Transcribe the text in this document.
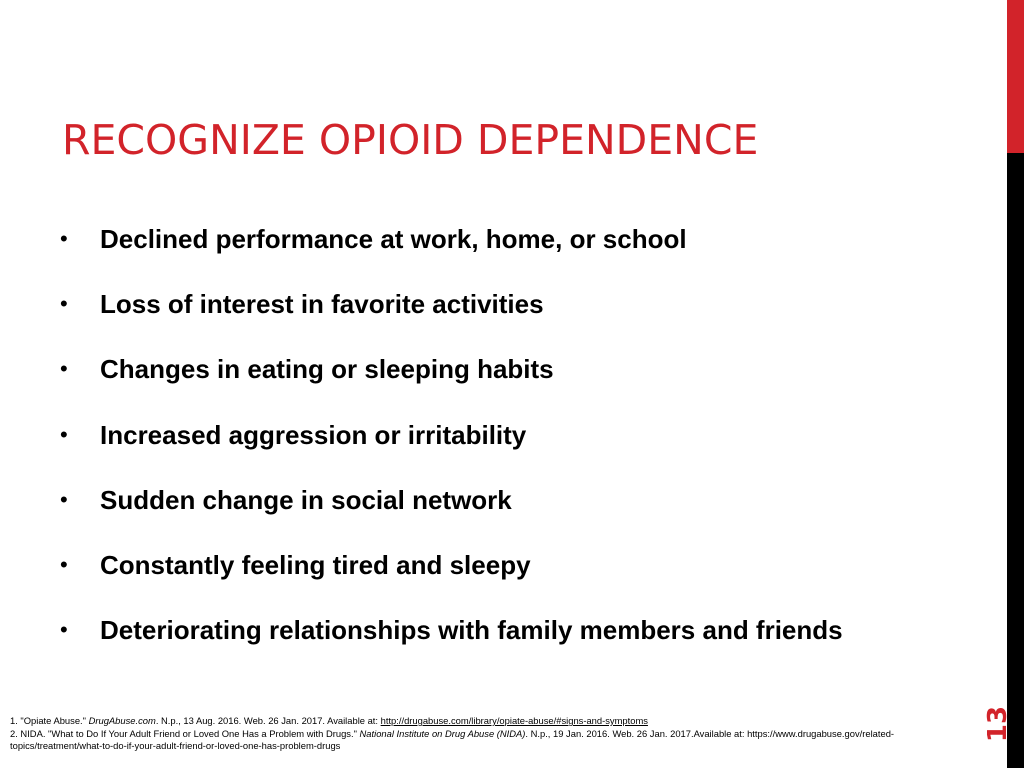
RECOGNIZE OPIOID DEPENDENCE
• Declined performance at work, home, or school
• Loss of interest in favorite activities
• Changes in eating or sleeping habits
• Increased aggression or irritability
• Sudden change in social network
• Constantly feeling tired and sleepy
• Deteriorating relationships with family members and friends
1. "Opiate Abuse." DrugAbuse.com. N.p., 13 Aug. 2016. Web. 26 Jan. 2017. Available at: http://drugabuse.com/library/opiate-abuse/#signs-and-symptoms
2. NIDA. "What to Do If Your Adult Friend or Loved One Has a Problem with Drugs." National Institute on Drug Abuse (NIDA). N.p., 19 Jan. 2016. Web. 26 Jan. 2017.Available at: https://www.drugabuse.gov/related-topics/treatment/what-to-do-if-your-adult-friend-or-loved-one-has-problem-drugs
13
